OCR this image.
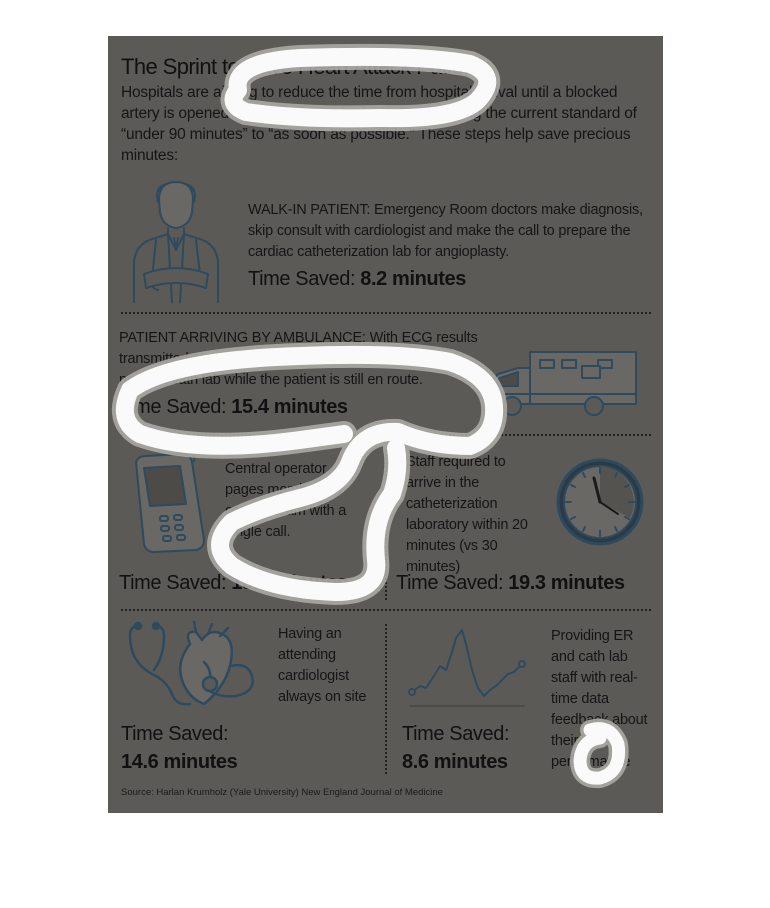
The Sprint to Save Heart Attack Patients
Hospitals are aiming to reduce the time from hospital arrival until a blocked artery is opened with balloon angioplasty, by changing the current standard of “under 90 minutes” to “as soon as possible.” These steps help save precious minutes:
WALK-IN PATIENT: Emergency Room doctors make diagnosis, skip consult with cardiologist and make the call to prepare the cardiac catheterization lab for angioplasty.
Time Saved: 8.2 minutes
PATIENT ARRIVING BY AMBULANCE: With ECG results transmitted ahead, ER physicians can make the call to prepare cath lab while the patient is still en route.
Time Saved: 15.4 minutes
Central operator pages members of cardiac team with a single call.
Time Saved: 13.8 minutes
Staff required to arrive in the catheterization laboratory within 20 minutes (vs 30 minutes)
Time Saved: 19.3 minutes
Having an attending cardiologist always on site
Time Saved:
14.6 minutes
Providing ER and cath lab staff with real-time data feedback about their performance
Time Saved:
8.6 minutes
Source: Harlan Krumholz (Yale University) New England Journal of Medicine
